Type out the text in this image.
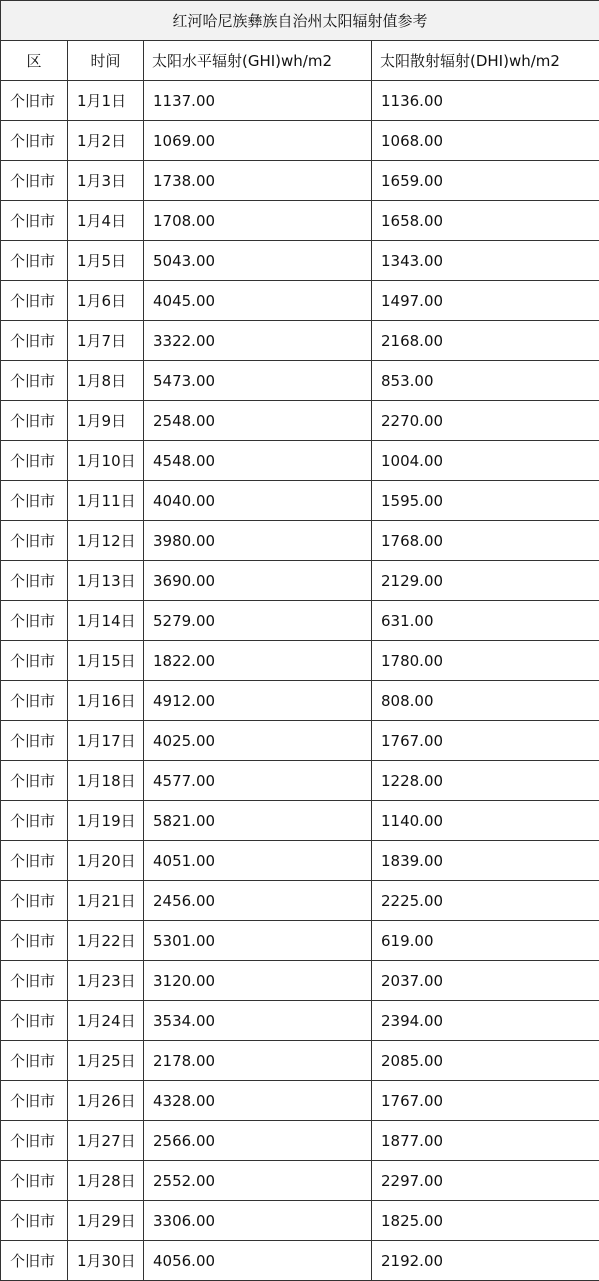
红河哈尼族彝族自治州太阳辐射值参考			
区	时间	太阳水平辐射(GHI)wh/m2	太阳散射辐射(DHI)wh/m2
个旧市	1月1日	1137.00	1136.00
个旧市	1月2日	1069.00	1068.00
个旧市	1月3日	1738.00	1659.00
个旧市	1月4日	1708.00	1658.00
个旧市	1月5日	5043.00	1343.00
个旧市	1月6日	4045.00	1497.00
个旧市	1月7日	3322.00	2168.00
个旧市	1月8日	5473.00	853.00
个旧市	1月9日	2548.00	2270.00
个旧市	1月10日	4548.00	1004.00
个旧市	1月11日	4040.00	1595.00
个旧市	1月12日	3980.00	1768.00
个旧市	1月13日	3690.00	2129.00
个旧市	1月14日	5279.00	631.00
个旧市	1月15日	1822.00	1780.00
个旧市	1月16日	4912.00	808.00
个旧市	1月17日	4025.00	1767.00
个旧市	1月18日	4577.00	1228.00
个旧市	1月19日	5821.00	1140.00
个旧市	1月20日	4051.00	1839.00
个旧市	1月21日	2456.00	2225.00
个旧市	1月22日	5301.00	619.00
个旧市	1月23日	3120.00	2037.00
个旧市	1月24日	3534.00	2394.00
个旧市	1月25日	2178.00	2085.00
个旧市	1月26日	4328.00	1767.00
个旧市	1月27日	2566.00	1877.00
个旧市	1月28日	2552.00	2297.00
个旧市	1月29日	3306.00	1825.00
个旧市	1月30日	4056.00	2192.00
